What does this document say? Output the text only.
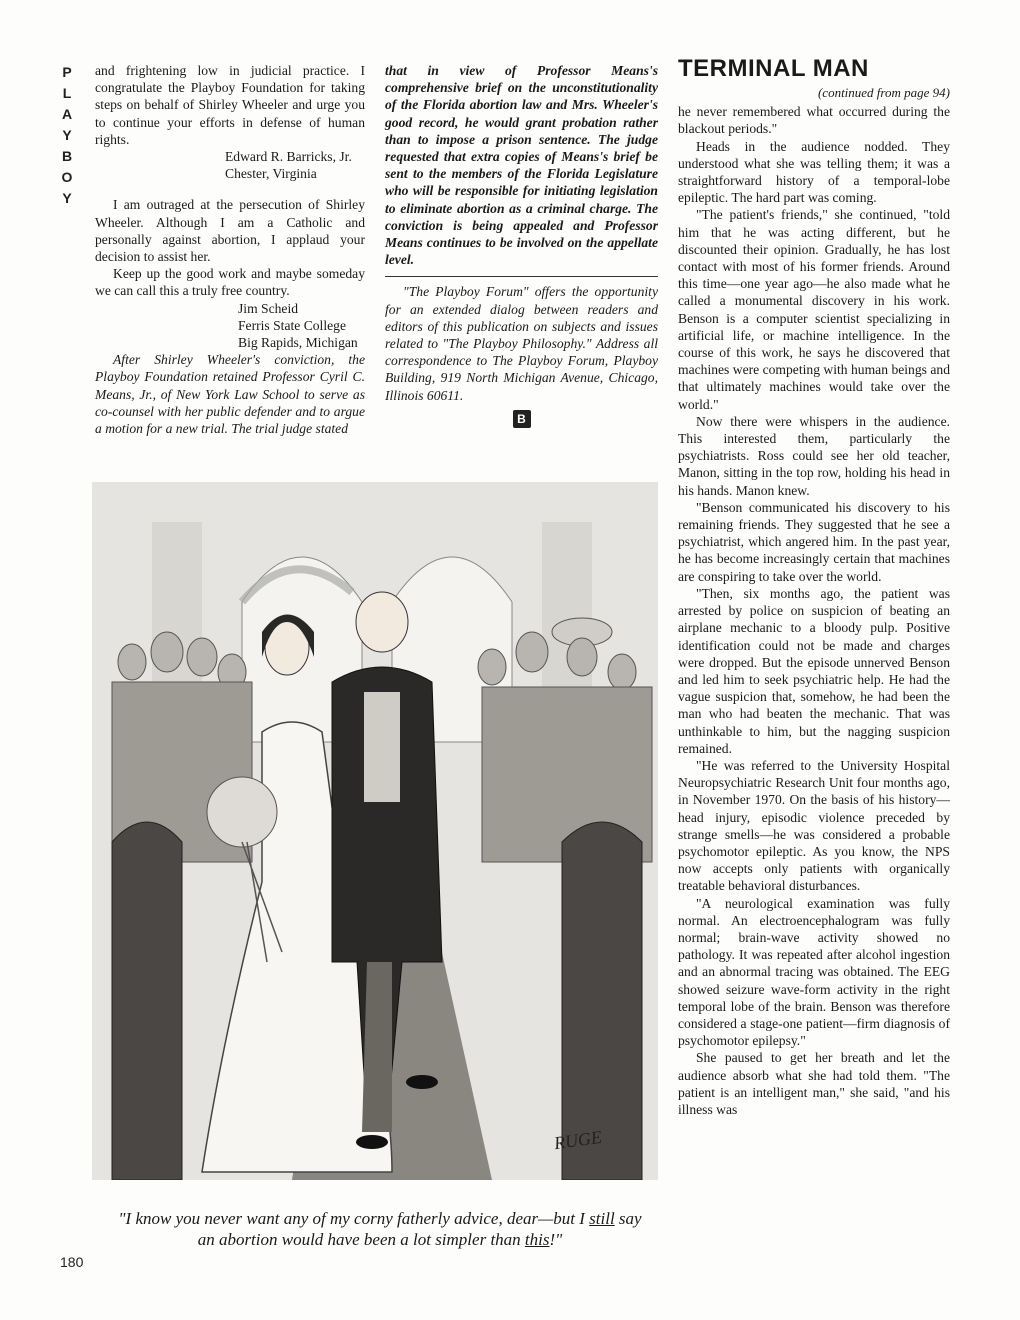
P
L
A
Y
B
O
Y

and frightening low in judicial practice. I congratulate the Playboy Foundation for taking steps on behalf of Shirley Wheeler and urge you to continue your efforts in defense of human rights.

Edward R. Barricks, Jr.

Chester, Virginia

I am outraged at the persecution of Shirley Wheeler. Although I am a Catholic and personally against abortion, I applaud your decision to assist her.

Keep up the good work and maybe someday we can call this a truly free country.

Jim Scheid

Ferris State College

Big Rapids, Michigan

After Shirley Wheeler's conviction, the Playboy Foundation retained Professor Cyril C. Means, Jr., of New York Law School to serve as co-counsel with her public defender and to argue a motion for a new trial. The trial judge stated

that in view of Professor Means's comprehensive brief on the unconstitutionality of the Florida abortion law and Mrs. Wheeler's good record, he would grant probation rather than to impose a prison sentence. The judge requested that extra copies of Means's brief be sent to the members of the Florida Legislature who will be responsible for initiating legislation to eliminate abortion as a criminal charge. The conviction is being appealed and Professor Means continues to be involved on the appellate level.

"The Playboy Forum" offers the opportunity for an extended dialog between readers and editors of this publication on subjects and issues related to "The Playboy Philosophy." Address all correspondence to The Playboy Forum, Playboy Building, 919 North Michigan Avenue, Chicago, Illinois 60611.

B
TERMINAL MAN
(continued from page 94)

he never remembered what occurred during the blackout periods."

Heads in the audience nodded. They understood what she was telling them; it was a straightforward history of a temporal-lobe epileptic. The hard part was coming.

"The patient's friends," she continued, "told him that he was acting different, but he discounted their opinion. Gradually, he has lost contact with most of his former friends. Around this time—one year ago—he also made what he called a monumental discovery in his work. Benson is a computer scientist specializing in artificial life, or machine intelligence. In the course of this work, he says he discovered that machines were competing with human beings and that ultimately machines would take over the world."

Now there were whispers in the audience. This interested them, particularly the psychiatrists. Ross could see her old teacher, Manon, sitting in the top row, holding his head in his hands. Manon knew.

"Benson communicated his discovery to his remaining friends. They suggested that he see a psychiatrist, which angered him. In the past year, he has become increasingly certain that machines are conspiring to take over the world.

"Then, six months ago, the patient was arrested by police on suspicion of beating an airplane mechanic to a bloody pulp. Positive identification could not be made and charges were dropped. But the episode unnerved Benson and led him to seek psychiatric help. He had the vague suspicion that, somehow, he had been the man who had beaten the mechanic. That was unthinkable to him, but the nagging suspicion remained.

"He was referred to the University Hospital Neuropsychiatric Research Unit four months ago, in November 1970. On the basis of his history—head injury, episodic violence preceded by strange smells—he was considered a probable psychomotor epileptic. As you know, the NPS now accepts only patients with organically treatable behavioral disturbances.

"A neurological examination was fully normal. An electroencephalogram was fully normal; brain-wave activity showed no pathology. It was repeated after alcohol ingestion and an abnormal tracing was obtained. The EEG showed seizure wave-form activity in the right temporal lobe of the brain. Benson was therefore considered a stage-one patient—firm diagnosis of psychomotor epilepsy."

She paused to get her breath and let the audience absorb what she had told them. "The patient is an intelligent man," she said, "and his illness was

RUGE
"I know you never want any of my corny fatherly advice, dear—but I still say an abortion would have been a lot simpler than this!"
180
